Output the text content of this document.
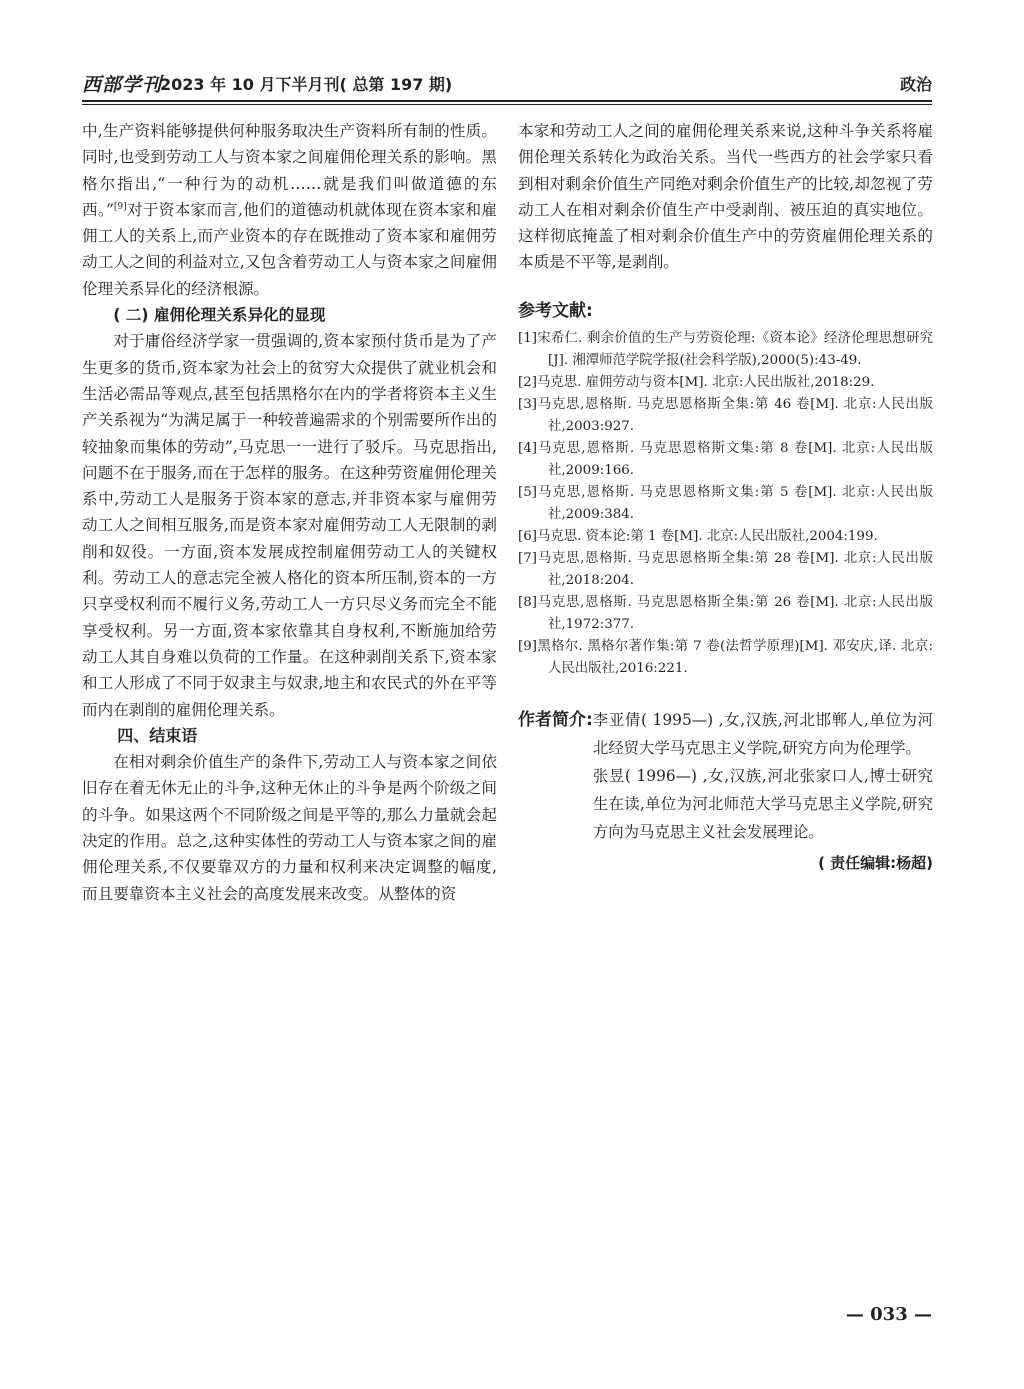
西部学刊
2023 年 10 月下半月刊( 总第 197 期)	政治

中,生产资料能够提供何种服务取决生产资料所有制的性质。同时,也受到劳动工人与资本家之间雇佣伦理关系的影响。黑格尔指出,“一种行为的动机……就是我们叫做道德的东西。”[9]对于资本家而言,他们的道德动机就体现在资本家和雇佣工人的关系上,而产业资本的存在既推动了资本家和雇佣劳动工人之间的利益对立,又包含着劳动工人与资本家之间雇佣伦理关系异化的经济根源。

( 二) 雇佣伦理关系异化的显现

对于庸俗经济学家一贯强调的,资本家预付货币是为了产生更多的货币,资本家为社会上的贫穷大众提供了就业机会和生活必需品等观点,甚至包括黑格尔在内的学者将资本主义生产关系视为“为满足属于一种较普遍需求的个别需要所作出的较抽象而集体的劳动”,马克思一一进行了驳斥。马克思指出,问题不在于服务,而在于怎样的服务。在这种劳资雇佣伦理关系中,劳动工人是服务于资本家的意志,并非资本家与雇佣劳动工人之间相互服务,而是资本家对雇佣劳动工人无限制的剥削和奴役。一方面,资本发展成控制雇佣劳动工人的关键权利。劳动工人的意志完全被人格化的资本所压制,资本的一方只享受权利而不履行义务,劳动工人一方只尽义务而完全不能享受权利。另一方面,资本家依靠其自身权利,不断施加给劳动工人其自身难以负荷的工作量。在这种剥削关系下,资本家和工人形成了不同于奴隶主与奴隶,地主和农民式的外在平等而内在剥削的雇佣伦理关系。

四、结束语

在相对剩余价值生产的条件下,劳动工人与资本家之间依旧存在着无休无止的斗争,这种无休止的斗争是两个阶级之间的斗争。如果这两个不同阶级之间是平等的,那么力量就会起决定的作用。总之,这种实体性的劳动工人与资本家之间的雇佣伦理关系,不仅要靠双方的力量和权利来决定调整的幅度,而且要靠资本主义社会的高度发展来改变。从整体的资

本家和劳动工人之间的雇佣伦理关系来说,这种斗争关系将雇佣伦理关系转化为政治关系。当代一些西方的社会学家只看到相对剩余价值生产同绝对剩余价值生产的比较,却忽视了劳动工人在相对剩余价值生产中受剥削、被压迫的真实地位。这样彻底掩盖了相对剩余价值生产中的劳资雇佣伦理关系的本质是不平等,是剥削。

参考文献:

[1]宋希仁. 剩余价值的生产与劳资伦理:《资本论》经济伦理思想研究[J]. 湘潭师范学院学报(社会科学版),2000(5):43-49.

[2]马克思. 雇佣劳动与资本[M]. 北京:人民出版社,2018:29.

[3]马克思,恩格斯. 马克思恩格斯全集:第 46 卷[M]. 北京:人民出版社,2003:927.

[4]马克思,恩格斯. 马克思恩格斯文集:第 8 卷[M]. 北京:人民出版社,2009:166.

[5]马克思,恩格斯. 马克思恩格斯文集:第 5 卷[M]. 北京:人民出版社,2009:384.

[6]马克思. 资本论:第 1 卷[M]. 北京:人民出版社,2004:199.

[7]马克思,恩格斯. 马克思恩格斯全集:第 28 卷[M]. 北京:人民出版社,2018:204.

[8]马克思,恩格斯. 马克思恩格斯全集:第 26 卷[M]. 北京:人民出版社,1972:377.

[9]黑格尔. 黑格尔著作集:第 7 卷(法哲学原理)[M]. 邓安庆,译. 北京:人民出版社,2016:221.

作者简介: 李亚倩( 1995—) ,女,汉族,河北邯郸人,单位为河北经贸大学马克思主义学院,研究方向为伦理学。

张昱( 1996—) ,女,汉族,河北张家口人,博士研究生在读,单位为河北师范大学马克思主义学院,研究方向为马克思主义社会发展理论。

( 责任编辑:杨超)
— 033 —
